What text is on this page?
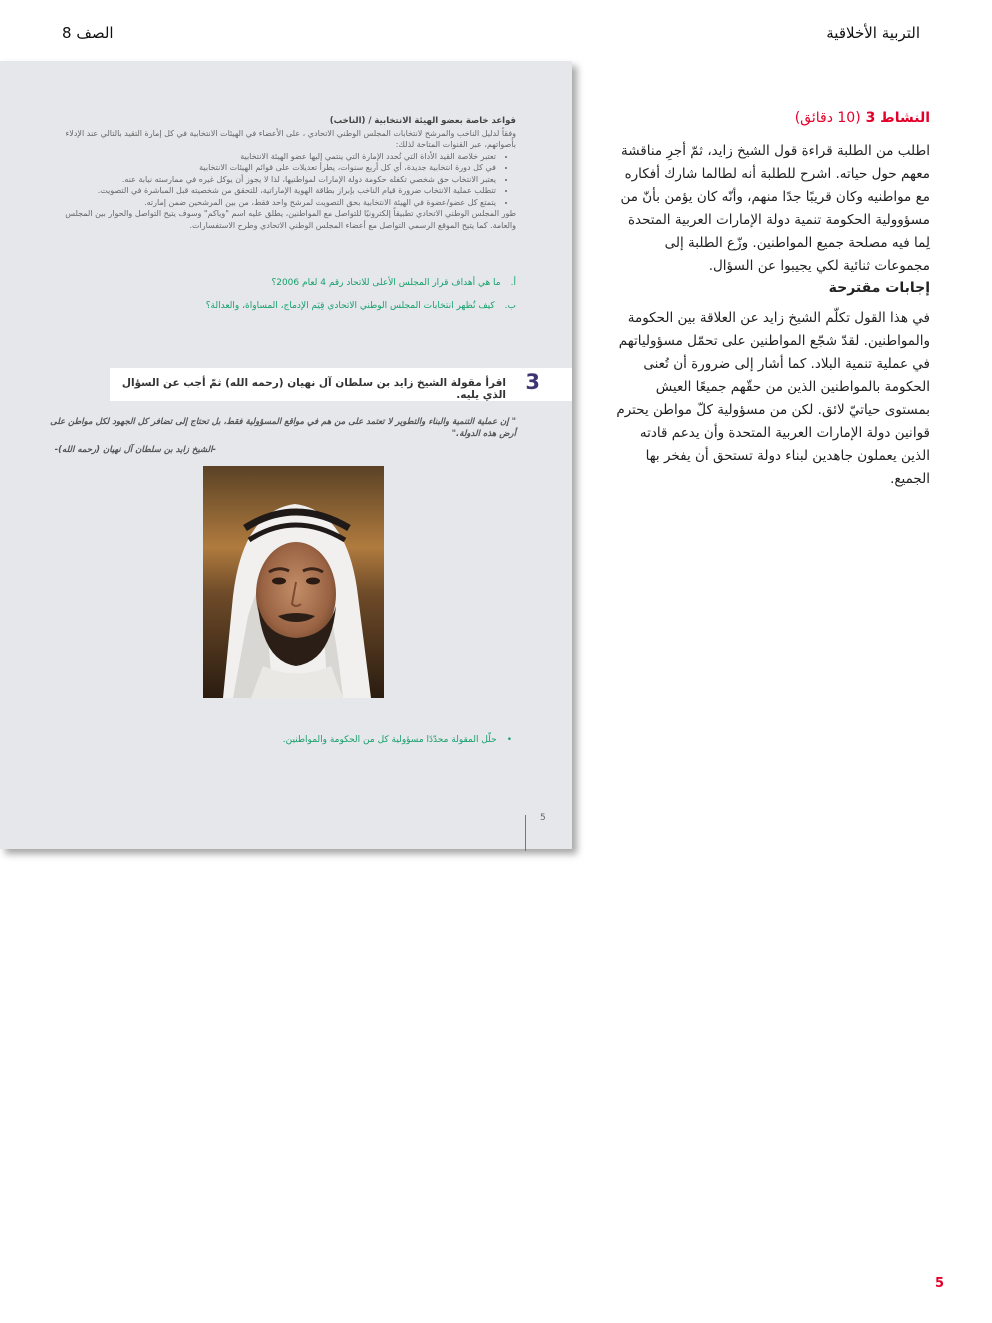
التربية الأخلاقية
الصف 8
قواعد خاصة بعضو الهيئة الانتخابية / (الناخب)
وفقاً لدليل الناخب والمرشح لانتخابات المجلس الوطني الاتحادي ، على الأعضاء في الهيئات الانتخابية في كل إمارة التقيد بالتالي عند الإدلاء بأصواتهم، عبر القنوات المتاحة لذلك:
• تعتبر خلاصة القيد الأداة التي تُحدد الإمارة التي ينتمي إليها عضو الهيئة الانتخابية
• في كل دورة انتخابية جديدة، أي كل أربع سنوات، يطرأ تعديلات على قوائم الهيئات الانتخابية
• يعتبر الانتخاب حق شخصي تكفله حكومة دولة الإمارات لمواطنيها، لذا لا يجوز أن يوكل غيره في ممارسته نيابة عنه.
• تتطلب عملية الانتخاب ضرورة قيام الناخب بإبراز بطاقة الهوية الإماراتية، للتحقق من شخصيته قبل المباشرة في التصويت.
• يتمتع كل عضو/عضوة في الهيئة الانتخابية بحق التصويت لمرشح واحد فقط، من بين المرشحين ضمن إمارته.
طور المجلس الوطني الاتحادي تطبيقاً إلكترونيًا للتواصل مع المواطنين، يطلق عليه اسم "وياكم" وسوف يتيح التواصل والحوار بين المجلس والعامة. كما يتيح الموقع الرسمي التواصل مع أعضاء المجلس الوطني الاتحادي وطرح الاستفسارات.
أ.ما هي أهداف قرار المجلس الأعلى للاتحاد رقم 4 لعام 2006؟
ب.كيف تُظهر انتخابات المجلس الوطني الاتحادي قِيَم الإدماج، المساواة، والعدالة؟
3
اقرأ مقولة الشيخ زايد بن سلطان آل نهيان (رحمه الله) ثمّ أجب عن السؤال الذي يليه.
" إن عملية التنمية والبناء والتطوير لا تعتمد على من هم في مواقع المسؤولية فقط، بل تحتاج إلى تضافر كل الجهود لكل مواطن على أرض هذه الدولة."
-الشيخ زايد بن سلطان آل نهيان (رحمه الله)-
•حلّل المقولة محدّدًا مسؤولية كل من الحكومة والمواطنين.
5
النشاط 3 (10 دقائق)
اطلب من الطلبة قراءة قول الشيخ زايد، ثمّ أجرِ مناقشة معهم حول حياته. اشرح للطلبة أنه لطالما شارك أفكاره مع مواطنيه وكان قريبًا جدًا منهم، وأنّه كان يؤمن بأنّ من مسؤوولية الحكومة تنمية دولة الإمارات العربية المتحدة لِما فيه مصلحة جميع المواطنين. وزّع الطلبة إلى مجموعات ثنائية لكي يجيبوا عن السؤال.
إجابات مقترحة
في هذا القول تكلّم الشيخ زايد عن العلاقة بين الحكومة والمواطنين. لقدّ شجّع المواطنين على تحمّل مسؤولياتهم في عملية تنمية البلاد. كما أشار إلى ضرورة أن تُعنى الحكومة بالمواطنين الذين من حقّهم جميعًا العيش بمستوى حياتيّ لائق. لكن من مسؤولية كلّ مواطن يحترم قوانين دولة الإمارات العربية المتحدة وأن يدعم قادته الذين يعملون جاهدين لبناء دولة تستحق أن يفخر بها الجميع.
5
